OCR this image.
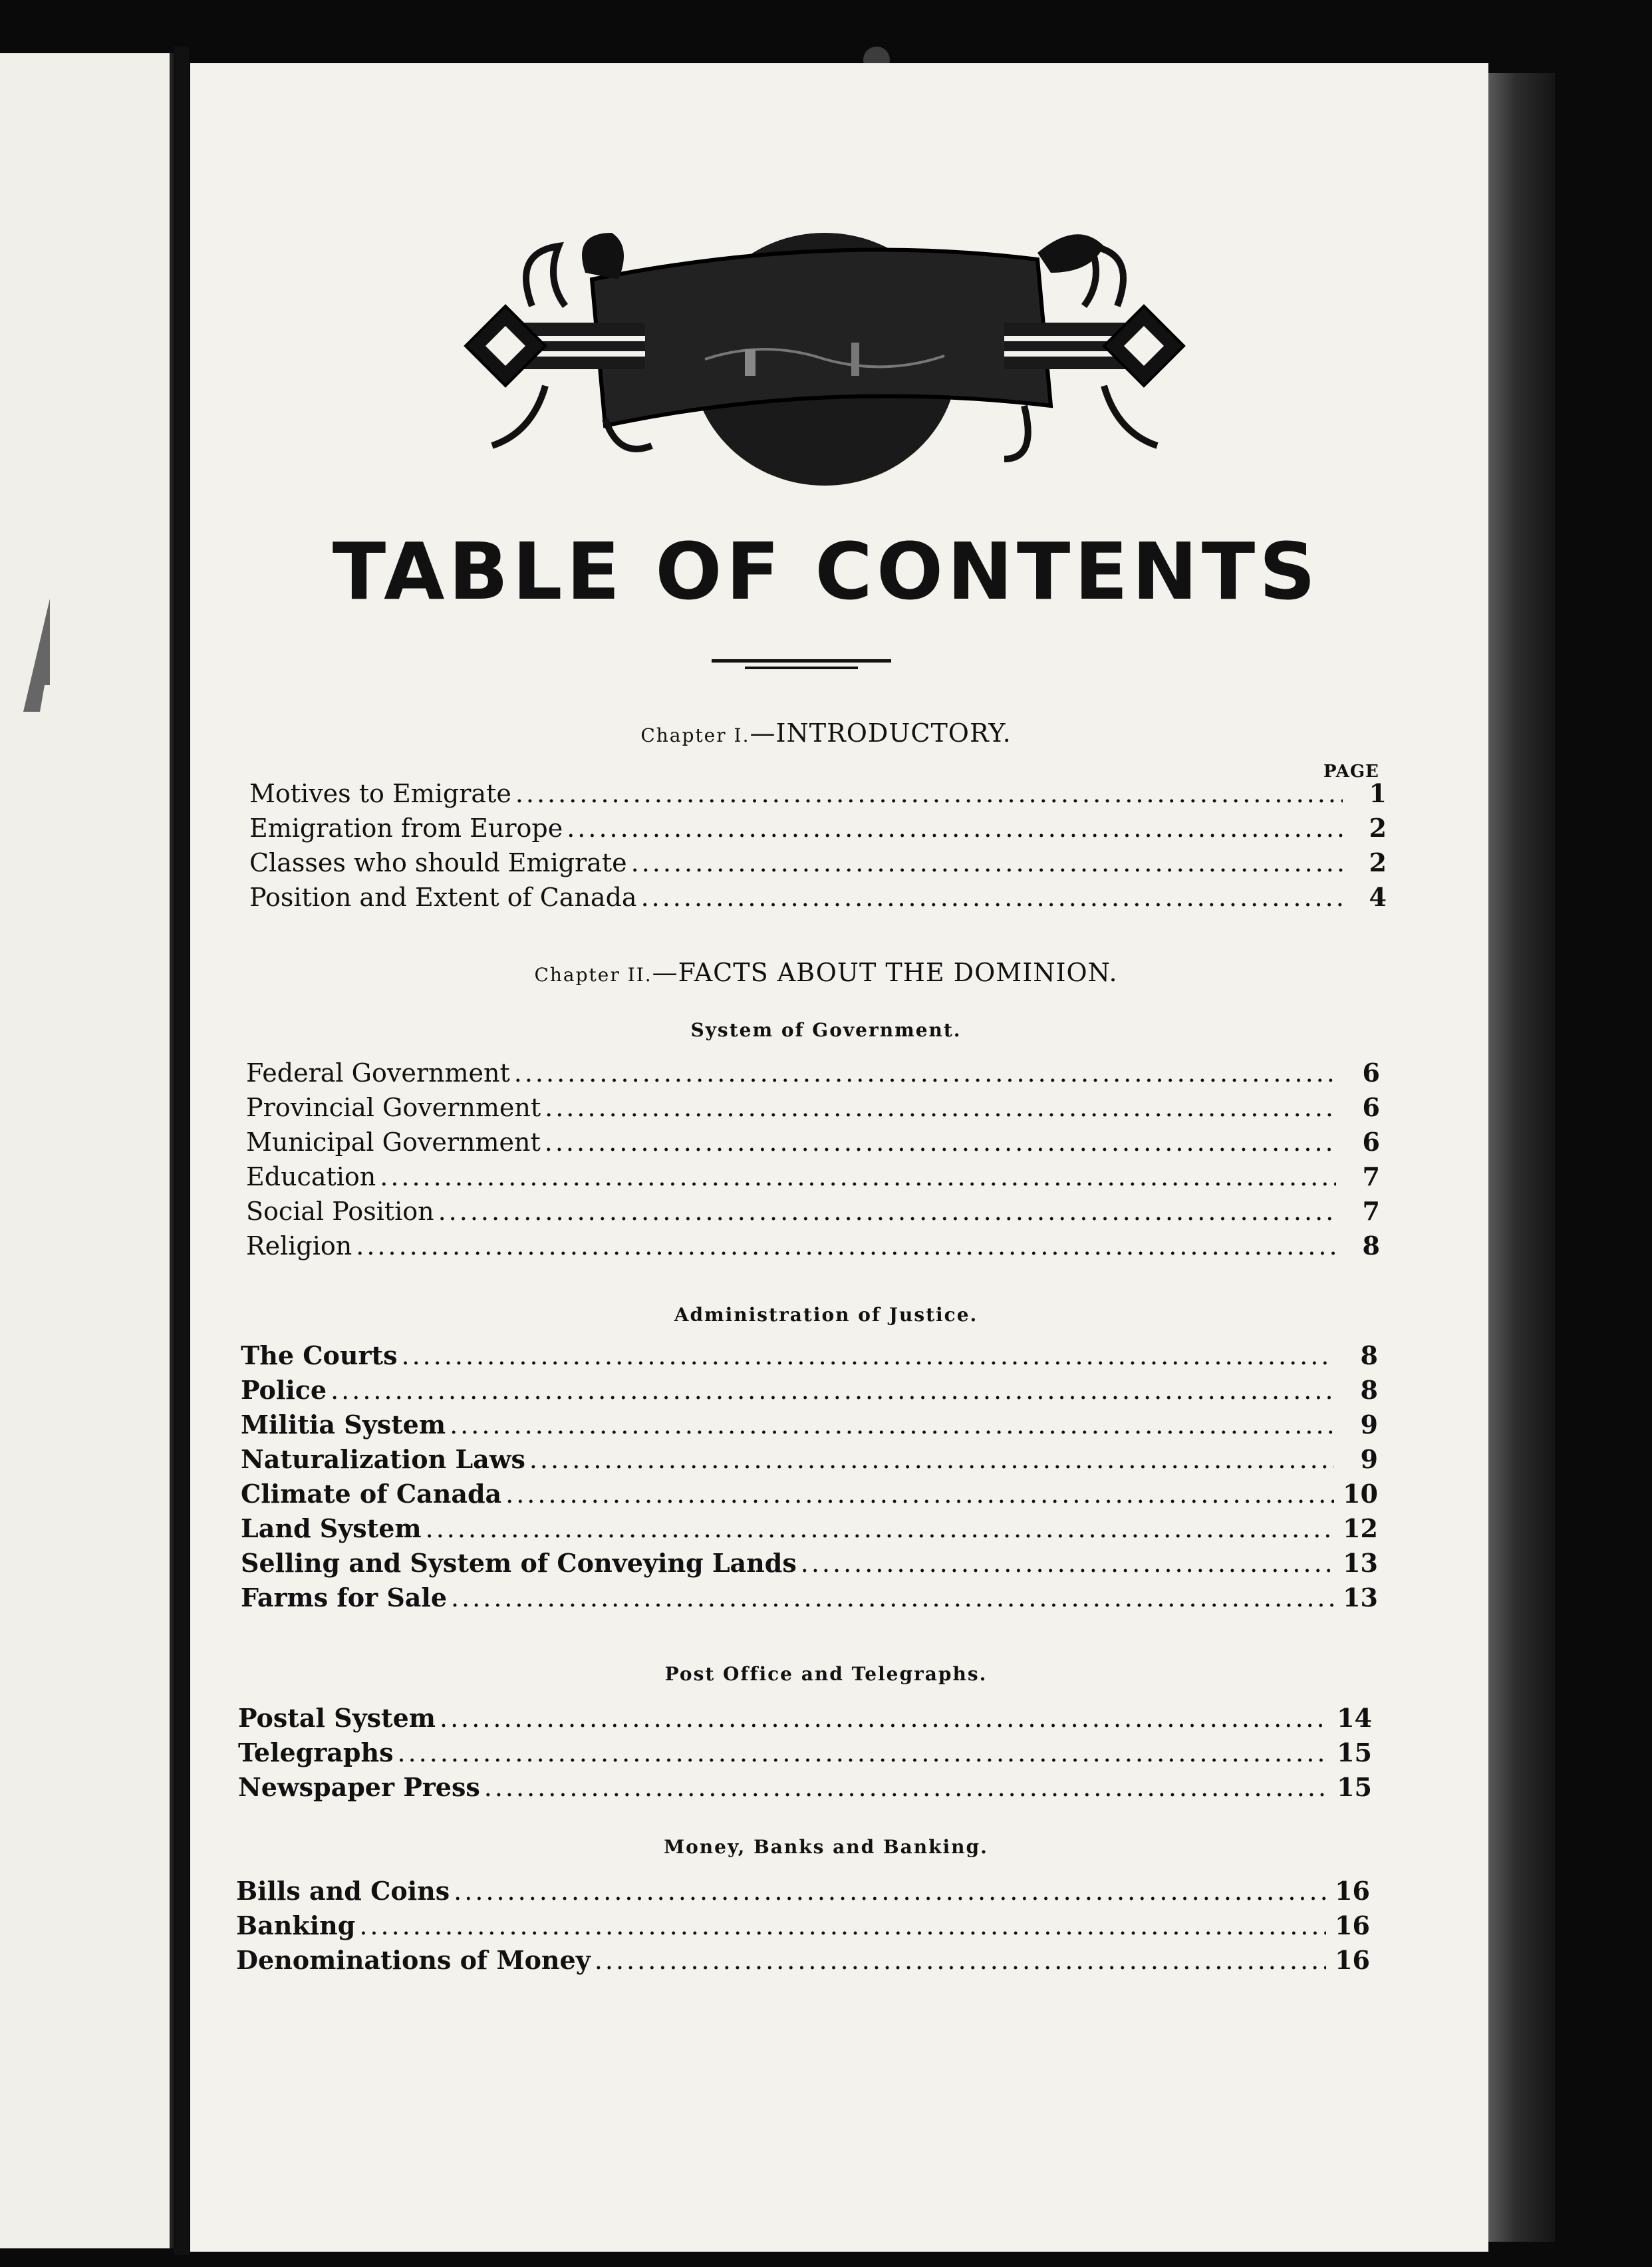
TABLE OF CONTENTS

Chapter I.—INTRODUCTORY.

PAGE

Motives to Emigrate .....	1
Emigration from Europe .....	2
Classes who should Emigrate .....	2
Position and Extent of Canada .....	4

Chapter II.—FACTS ABOUT THE DOMINION.

System of Government.

Federal Government .....	6
Provincial Government .....	6
Municipal Government .....	6
Education .....	7
Social Position .....	7
Religion .....	8

Administration of Justice.

The Courts .....	8
Police .....	8
Militia System .....	9
Naturalization Laws .....	9
Climate of Canada .....	10
Land System .....	12
Selling and System of Conveying Lands .....	13
Farms for Sale .....	13

Post Office and Telegraphs.

Postal System .....	14
Telegraphs .....	15
Newspaper Press .....	15

Money, Banks and Banking.

Bills and Coins .....	16
Banking .....	16
Denominations of Money .....	16
